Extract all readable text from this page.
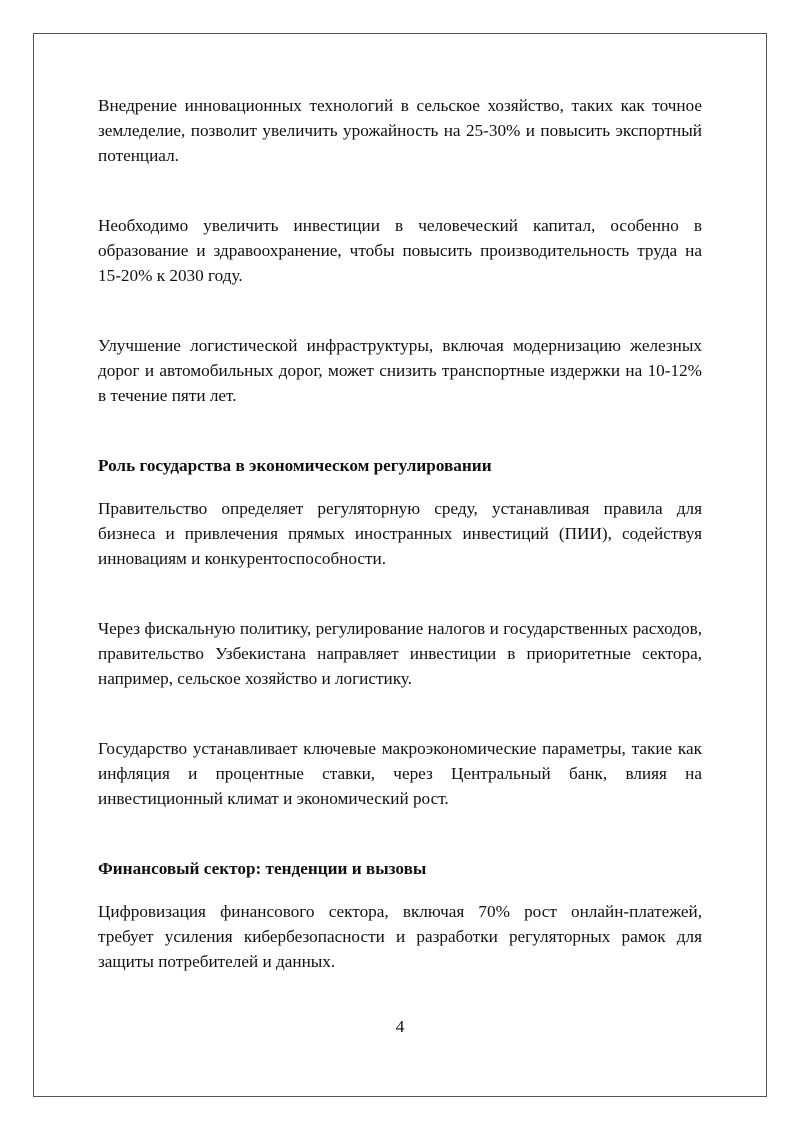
Внедрение инновационных технологий в сельское хозяйство, таких как точное земледелие, позволит увеличить урожайность на 25-30% и повысить экспортный потенциал.

Необходимо увеличить инвестиции в человеческий капитал, особенно в образование и здравоохранение, чтобы повысить производительность труда на 15-20% к 2030 году.

Улучшение логистической инфраструктуры, включая модернизацию железных дорог и автомобильных дорог, может снизить транспортные издержки на 10-12% в течение пяти лет.

Роль государства в экономическом регулировании

Правительство определяет регуляторную среду, устанавливая правила для бизнеса и привлечения прямых иностранных инвестиций (ПИИ), содействуя инновациям и конкурентоспособности.

Через фискальную политику, регулирование налогов и государственных расходов, правительство Узбекистана направляет инвестиции в приоритетные сектора, например, сельское хозяйство и логистику.

Государство устанавливает ключевые макроэкономические параметры, такие как инфляция и процентные ставки, через Центральный банк, влияя на инвестиционный климат и экономический рост.

Финансовый сектор: тенденции и вызовы

Цифровизация финансового сектора, включая 70% рост онлайн-платежей, требует усиления кибербезопасности и разработки регуляторных рамок для защиты потребителей и данных.

4
